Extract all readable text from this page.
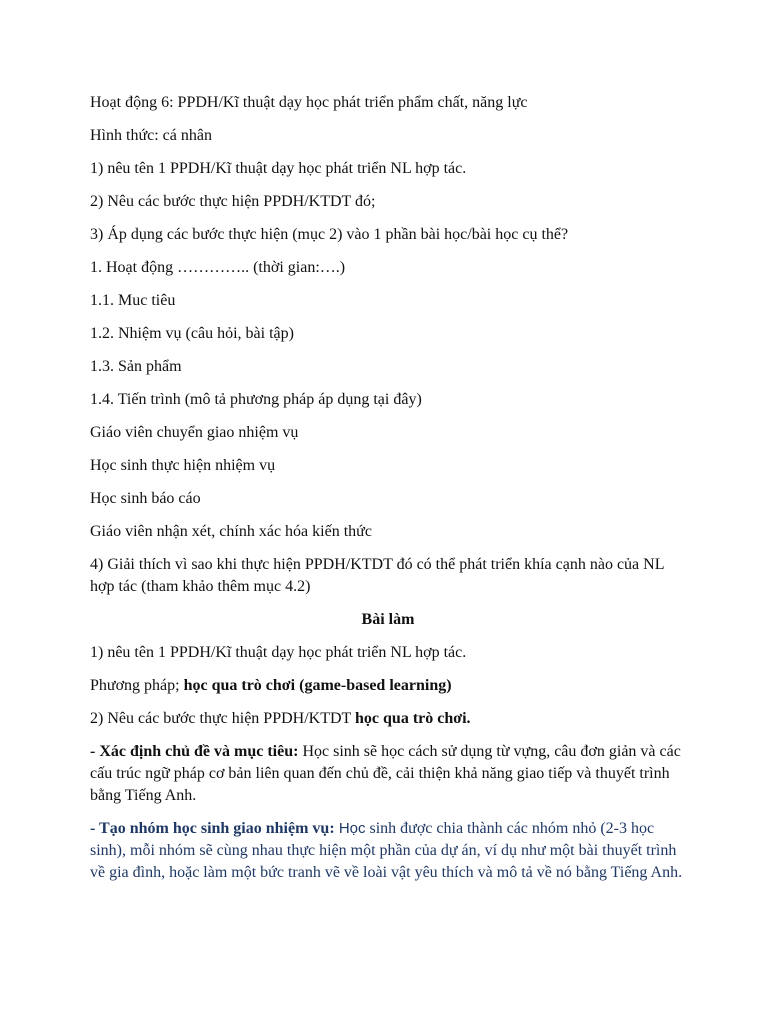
Hoạt động 6: PPDH/Kĩ thuật dạy học phát triển phẩm chất, năng lực

Hình thức: cá nhân

1) nêu tên 1 PPDH/Kĩ thuật dạy học phát triển NL hợp tác.

2) Nêu các bước thực hiện PPDH/KTDT đó;

3) Áp dụng các bước thực hiện (mục 2) vào 1 phần bài học/bài học cụ thể?

1. Hoạt động ………….. (thời gian:….)

1.1. Muc tiêu

1.2. Nhiệm vụ (câu hỏi, bài tập)

1.3. Sản phẩm

1.4. Tiến trình (mô tả phương pháp áp dụng tại đây)

Giáo viên chuyển giao nhiệm vụ

Học sinh thực hiện nhiệm vụ

Học sinh báo cáo

Giáo viên nhận xét, chính xác hóa kiến thức

4) Giải thích vì sao khi thực hiện PPDH/KTDT đó có thể phát triển khía cạnh nào của NL hợp tác (tham khảo thêm mục 4.2)

Bài làm

1) nêu tên 1 PPDH/Kĩ thuật dạy học phát triển NL hợp tác.

Phương pháp; học qua trò chơi (game-based learning)

2) Nêu các bước thực hiện PPDH/KTDT học qua trò chơi.

- Xác định chủ đề và mục tiêu: Học sinh sẽ học cách sử dụng từ vựng, câu đơn giản và các cấu trúc ngữ pháp cơ bản liên quan đến chủ đề, cải thiện khả năng giao tiếp và thuyết trình bằng Tiếng Anh.

- Tạo nhóm học sinh giao nhiệm vụ: Học sinh được chia thành các nhóm nhỏ (2-3 học sinh), mỗi nhóm sẽ cùng nhau thực hiện một phần của dự án, ví dụ như một bài thuyết trình về gia đình, hoặc làm một bức tranh vẽ về loài vật yêu thích và mô tả về nó bằng Tiếng Anh.
